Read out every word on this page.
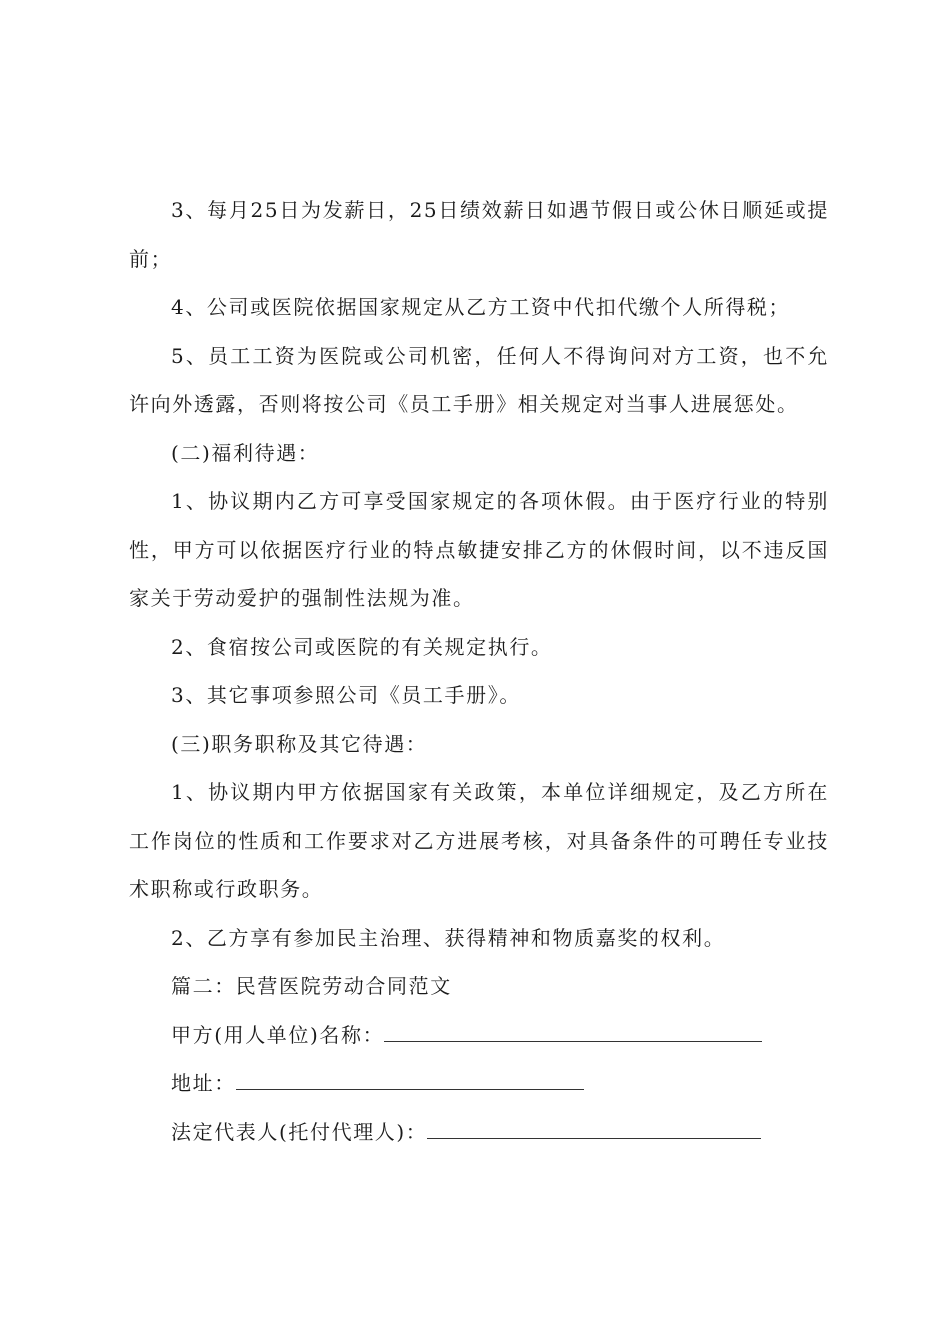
3、每月25日为发薪日，25日绩效薪日如遇节假日或公休日顺延或提前；

4、公司或医院依据国家规定从乙方工资中代扣代缴个人所得税；

5、员工工资为医院或公司机密，任何人不得询问对方工资，也不允许向外透露，否则将按公司《员工手册》相关规定对当事人进展惩处。

(二)福利待遇：

1、协议期内乙方可享受国家规定的各项休假。由于医疗行业的特别性，甲方可以依据医疗行业的特点敏捷安排乙方的休假时间，以不违反国家关于劳动爱护的强制性法规为准。

2、食宿按公司或医院的有关规定执行。

3、其它事项参照公司《员工手册》。

(三)职务职称及其它待遇：

1、协议期内甲方依据国家有关政策，本单位详细规定，及乙方所在工作岗位的性质和工作要求对乙方进展考核，对具备条件的可聘任专业技术职称或行政职务。

2、乙方享有参加民主治理、获得精神和物质嘉奖的权利。

篇二：民营医院劳动合同范文

甲方(用人单位)名称：

地址：

法定代表人(托付代理人)：
